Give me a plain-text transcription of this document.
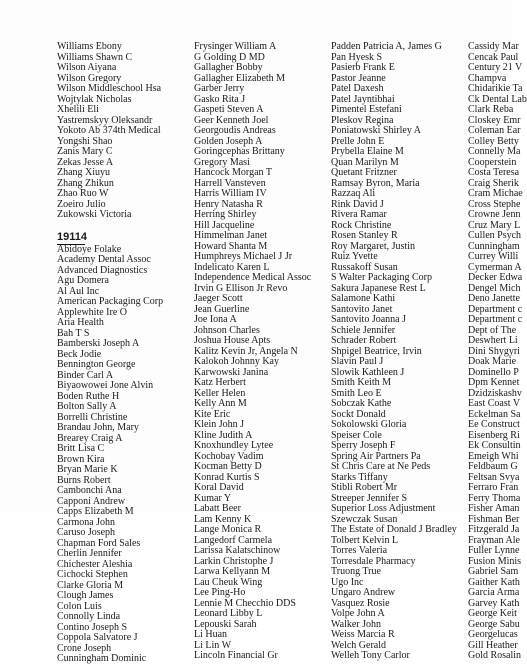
Williams Ebony
Williams Shawn C
Wilson Aiyana
Wilson Gregory
Wilson Middleschool Hsa
Wojtylak Nicholas
Xhelili Eli
Yastremskyy Oleksandr
Yokoto Ab 374th Medical
Yongshi Shao
Zanis Mary C
Zekas Jesse A
Zhang Xiuyu
Zhang Zhikun
Zhao Ruo W
Zoeiro Julio
Zukowski Victoria
19114
Abidoye Folake
Academy Dental Assoc
Advanced Diagnostics
Agu Domera
Al Aul Inc
American Packaging Corp
Applewhite Ire O
Aria Health
Bah T S
Bamberski Joseph A
Beck Jodie
Bennington George
Binder Carl A
Biyaowowei Jone Alvin
Boden Ruthe H
Bolton Sally A
Borrelli Christine
Brandau John, Mary
Brearey Craig A
Britt Lisa C
Brown Kira
Bryan Marie K
Burns Robert
Cambonchi Ana
Capponi Andrew
Capps Elizabeth M
Carmona John
Caruso Joseph
Chapman Ford Sales
Cherlin Jennifer
Chichester Aleshia
Cichocki Stephen
Clarke Gloria M
Clough James
Colon Luis
Connolly Linda
Contino Joseph S
Coppola Salvatore J
Crone Joseph
Cunningham Dominic
Frysinger William A
G Golding D MD
Gallagher Bobby
Gallagher Elizabeth M
Garber Jerry
Gasko Rita J
Gaspeti Steven A
Geer Kenneth Joel
Georgoudis Andreas
Golden Joseph A
Goringcephas Brittany
Gregory Masi
Hancock Morgan T
Harrell Vansteven
Harris William IV
Henry Natasha R
Herring Shirley
Hill Jacqueline
Himmelman Janet
Howard Shanta M
Humphreys Michael J Jr
Indelicato Karen L
Independence Medical Assoc
Irvin G Ellison Jr Revo
Jaeger Scott
Jean Guerline
Joe Iona A
Johnson Charles
Joshua House Apts
Kalitz Kevin Jr, Angela N
Kalokoh Johnny Kay
Karwowski Janina
Katz Herbert
Keller Helen
Kelly Ann M
Kite Eric
Klein John J
Kline Judith A
Knoxhundley Lytee
Kochobay Vadim
Kocman Betty D
Konrad Kurtis S
Koral David
Kumar Y
Labatt Beer
Lam Kenny K
Lange Monica R
Langedorf Carmela
Larissa Kalatschinow
Larkin Christophe J
Larwa Kellyann M
Lau Cheuk Wing
Lee Ping-Ho
Lennie M Checchio DDS
Leonard Libby L
Lepouski Sarah
Li Huan
Li Lin W
Lincoln Financial Gr
Padden Patricia A, James G
Pan Hyesk S
Pasierb Frank E
Pastor Jeanne
Patel Daxesh
Patel Jayntibhai
Pimentel Estefani
Pleskov Regina
Poniatowski Shirley A
Prelle John E
Prybella Elaine M
Quan Marilyn M
Quetant Fritzner
Ramsay Byron, Maria
Razzaq Ali
Rink David J
Rivera Ramar
Rock Christine
Rosen Stanley R
Roy Margaret, Justin
Ruiz Yvette
Russakoff Susan
S Walter Packaging Corp
Sakura Japanese Rest L
Salamone Kathi
Santovito Janet
Santovito Joanna J
Schiele Jennifer
Schrader Robert
Shpigel Beatrice, Irvin
Slavin Paul J
Slowik Kathleen J
Smith Keith M
Smith Leo E
Sobczak Kathe
Sockt Donald
Sokolowski Gloria
Speiser Cole
Sperry Joseph F
Spring Air Partners Pa
St Chris Care at Ne Peds
Starks Tiffany
Stibli Robert Mr
Streeper Jennifer S
Superior Loss Adjustment
Szewczak Susan
The Estate of Donald J Bradley
Tolbert Kelvin L
Torres Valeria
Torresdale Pharmacy
Truong True
Ugo Inc
Ungaro Andrew
Vasquez Rosie
Volpe John A
Walker John
Weiss Marcia R
Welch Gerald
Welleh Tony Carlor
Cassidy Mar
Cencak Paul
Century 21 V
Champva
Chidarikie Ta
Ck Dental Lab
Clark Reba
Closkey Emr
Coleman Ear
Colley Betty
Connelly Ma
Cooperstein
Costa Teresa
Craig Sherik
Cram Michae
Cross Stephe
Crowne Jenn
Cruz Mary L
Cullen Psych
Cunningham
Currey Willi
Cymerman A
Decker Edwa
Dengel Mich
Deno Janette
Department c
Department c
Dept of The
Deswhert Li
Dini Shygyri
Doak Marie
Dominello P
Dpm Kennet
Dzidziskashv
East Coast V
Eckelman Sa
Ee Construct
Eisenberg Ri
Ek Consultin
Emeigh Whi
Feldbaum G
Feltsan Svya
Ferraro Fran
Ferry Thoma
Fisher Aman
Fishman Ber
Fitzgerald Ja
Frayman Ale
Fuller Lynne
Fusion Minis
Gabriel Sam
Gaither Kath
Garcia Arma
Garvey Kath
George Keit
George Sabu
Georgelucas
Gill Heather
Gold Rosalin
